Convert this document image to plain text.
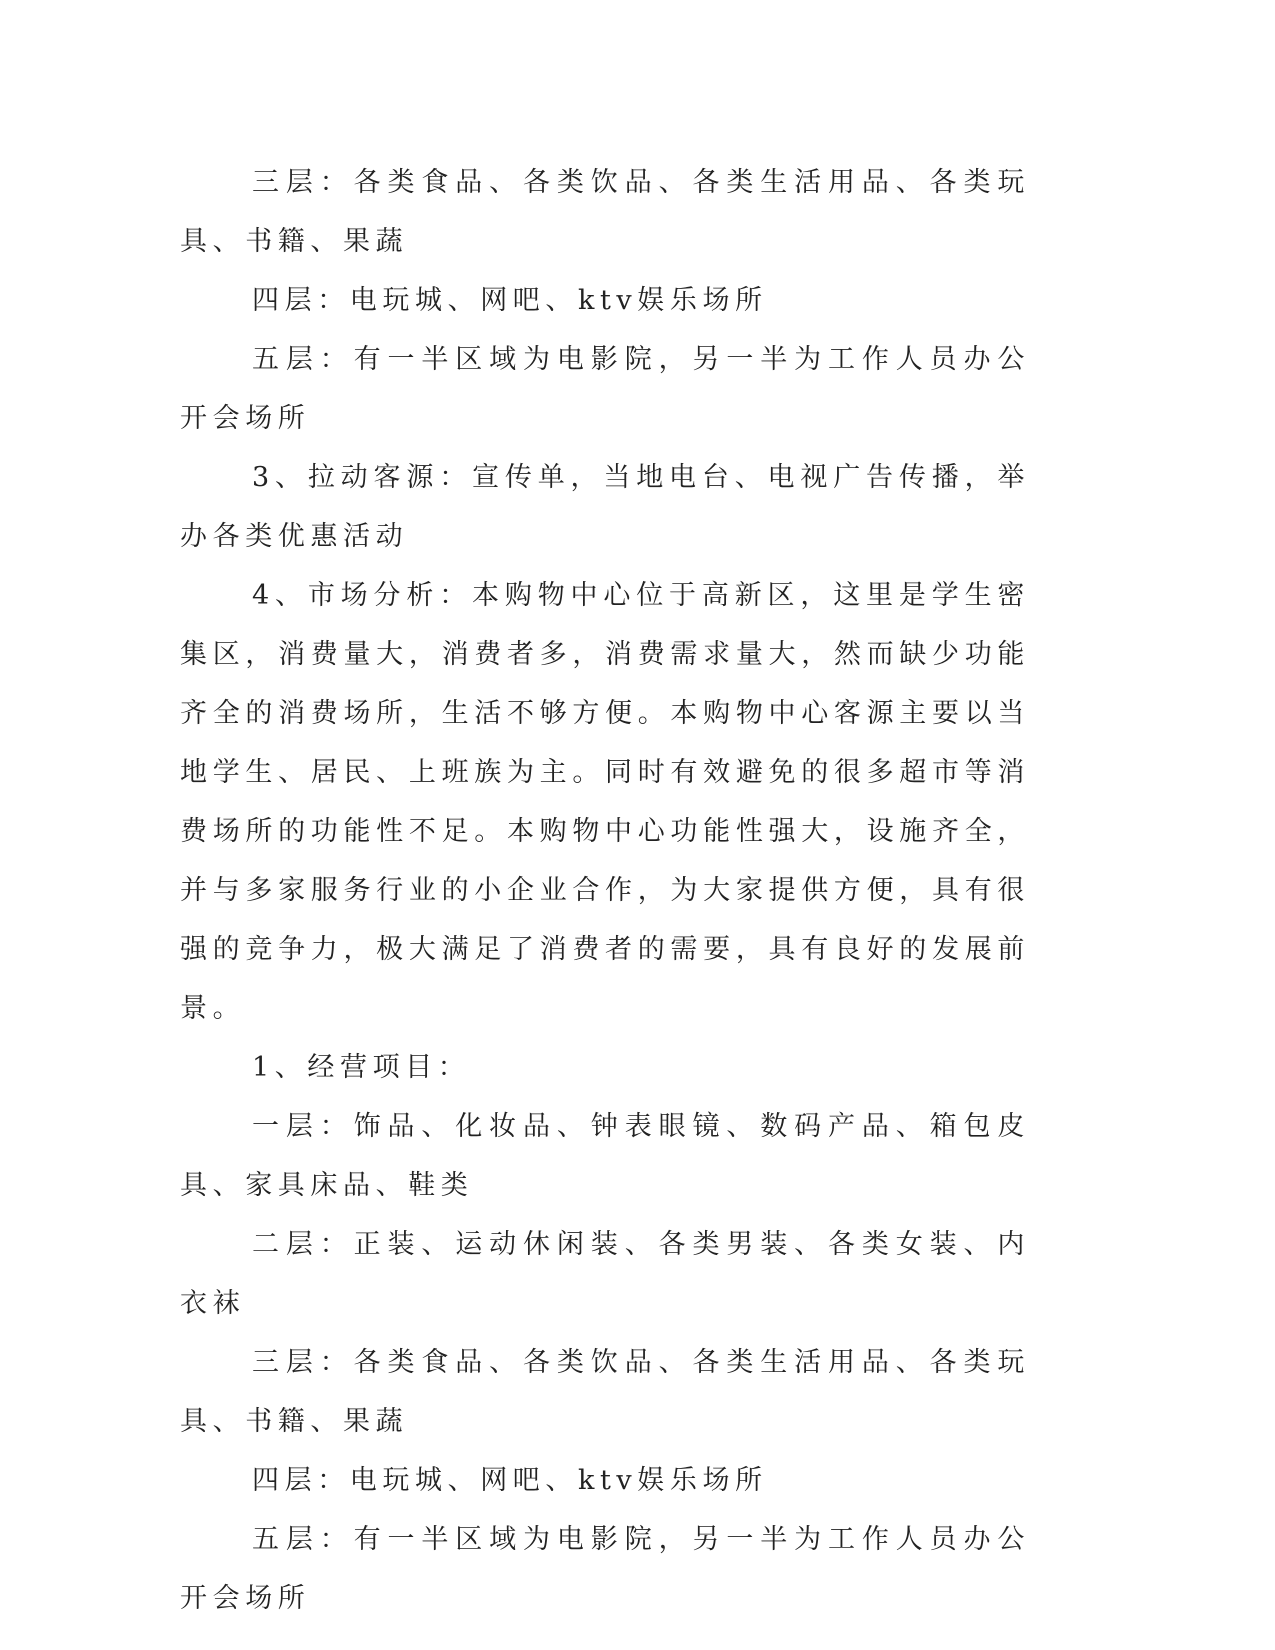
三层：各类食品、各类饮品、各类生活用品、各类玩具、书籍、果蔬

四层：电玩城、网吧、ktv娱乐场所

五层：有一半区域为电影院，另一半为工作人员办公开会场所

3、拉动客源：宣传单，当地电台、电视广告传播，举办各类优惠活动

4、市场分析：本购物中心位于高新区，这里是学生密集区，消费量大，消费者多，消费需求量大，然而缺少功能齐全的消费场所，生活不够方便。本购物中心客源主要以当地学生、居民、上班族为主。同时有效避免的很多超市等消费场所的功能性不足。本购物中心功能性强大，设施齐全，并与多家服务行业的小企业合作，为大家提供方便，具有很强的竞争力，极大满足了消费者的需要，具有良好的发展前景。

1、经营项目：

一层：饰品、化妆品、钟表眼镜、数码产品、箱包皮具、家具床品、鞋类

二层：正装、运动休闲装、各类男装、各类女装、内衣袜

三层：各类食品、各类饮品、各类生活用品、各类玩具、书籍、果蔬

四层：电玩城、网吧、ktv娱乐场所

五层：有一半区域为电影院，另一半为工作人员办公开会场所
